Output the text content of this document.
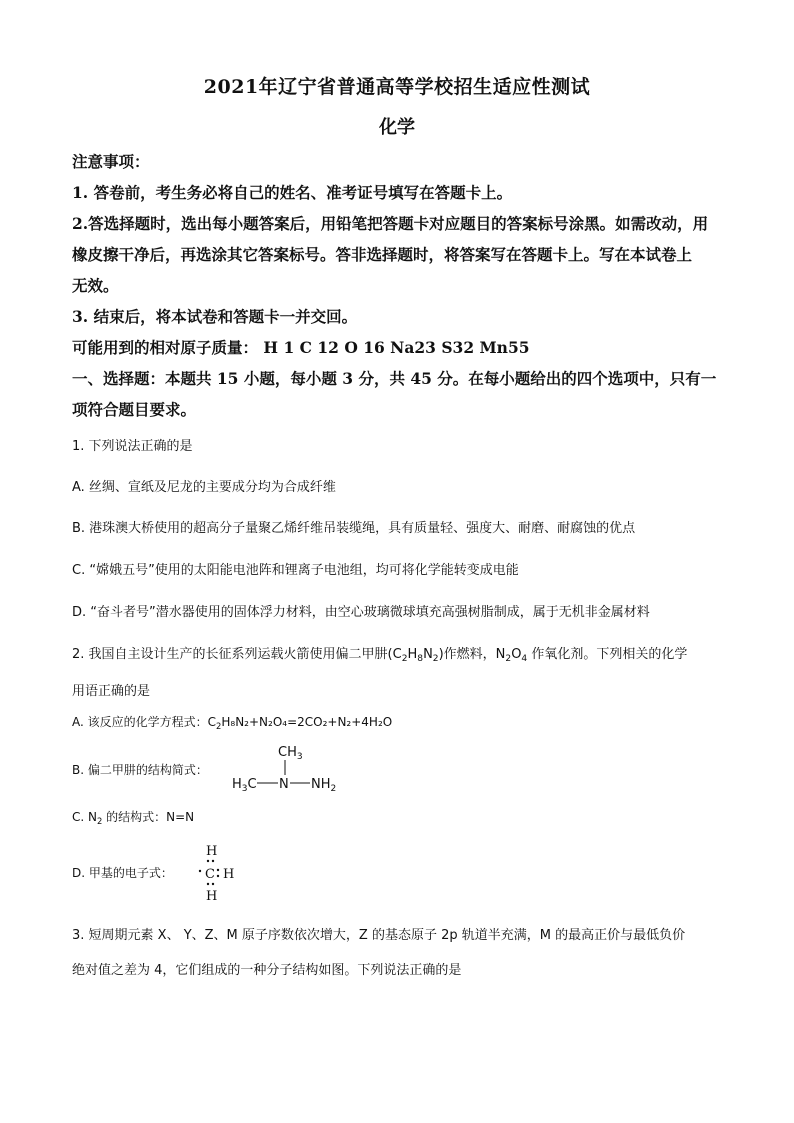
2021年辽宁省普通高等学校招生适应性测试
化学
注意事项：
1. 答卷前，考生务必将自己的姓名、准考证号填写在答题卡上。
2.答选择题时，选出每小题答案后，用铅笔把答题卡对应题目的答案标号涂黑。如需改动，用
橡皮擦干净后，再选涂其它答案标号。答非选择题时，将答案写在答题卡上。写在本试卷上
无效。
3. 结束后，将本试卷和答题卡一并交回。
可能用到的相对原子质量： H 1 C 12 O 16 Na23 S32 Mn55
一、选择题：本题共 15 小题，每小题 3 分，共 45 分。在每小题给出的四个选项中，只有一
项符合题目要求。
1. 下列说法正确的是
A. 丝绸、宣纸及尼龙的主要成分均为合成纤维
B. 港珠澳大桥使用的超高分子量聚乙烯纤维吊装缆绳，具有质量轻、强度大、耐磨、耐腐蚀的优点
C. “嫦娥五号”使用的太阳能电池阵和锂离子电池组，均可将化学能转变成电能
D. “奋斗者号”潜水器使用的固体浮力材料，由空心玻璃微球填充高强树脂制成，属于无机非金属材料
2. 我国自主设计生产的长征系列运载火箭使用偏二甲肼$(C_2H_8N_2)$作燃料，$N_2O_4$ 作氧化剂。下列相关的化学
用语正确的是
A. 该反应的化学方程式：$C_2H_8N_2+N_2O_4=2CO_2+N_2+4H_2O$
B. 偏二甲肼的结构简式：
$CH_3$
$H_3C$ N $NH_2$
C. $N_2$ 的结构式：N=N
D. 甲基的电子式：
H
C H
H
3. 短周期元素 X、 Y、Z、M 原子序数依次增大，Z 的基态原子 2p 轨道半充满，M 的最高正价与最低负价
绝对值之差为 4，它们组成的一种分子结构如图。下列说法正确的是
